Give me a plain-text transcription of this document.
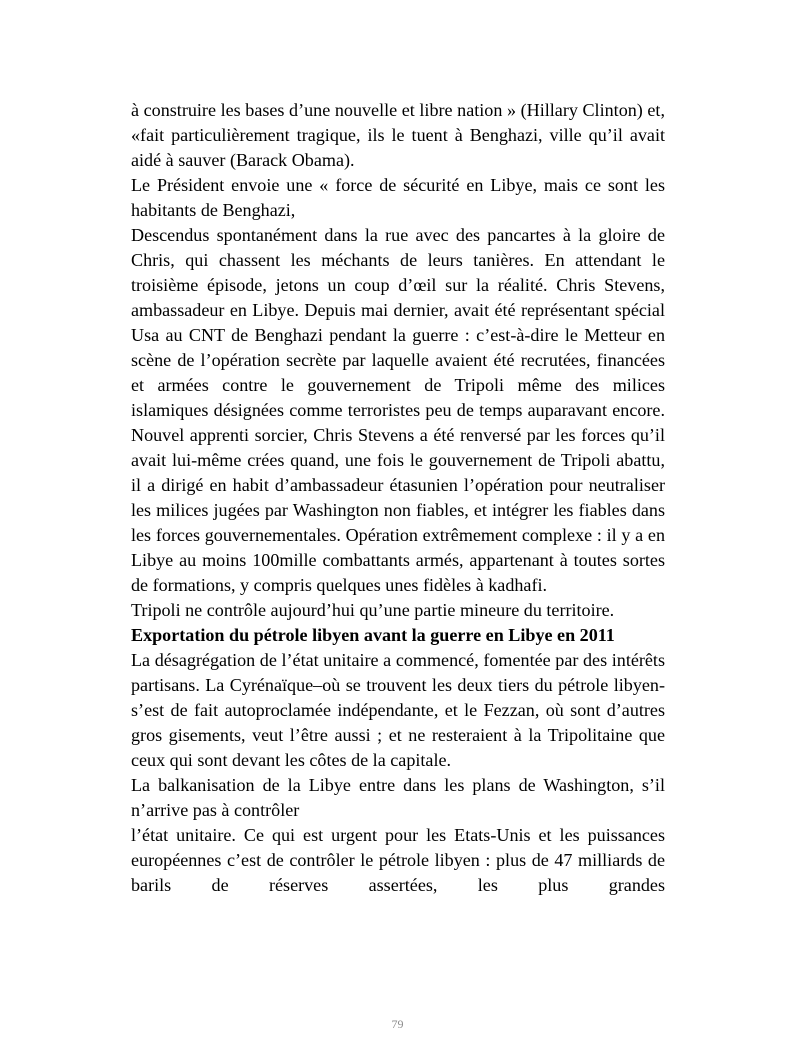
à construire les bases d’une nouvelle et libre nation » (Hillary Clinton) et, «fait particulièrement tragique, ils le tuent à Benghazi, ville qu’il avait aidé à sauver (Barack Obama).

Le Président envoie une « force de sécurité en Libye, mais ce sont les habitants de Benghazi,

Descendus spontanément dans la rue avec des pancartes à la gloire de Chris, qui chassent les méchants de leurs tanières. En attendant le troisième épisode, jetons un coup d’œil sur la réalité. Chris Stevens, ambassadeur en Libye. Depuis mai dernier, avait été représentant spécial Usa au CNT de Benghazi pendant la guerre : c’est-à-dire le Metteur en scène de l’opération secrète par laquelle avaient été recrutées, financées et armées contre le gouvernement de Tripoli même des milices islamiques désignées comme terroristes peu de temps auparavant encore. Nouvel apprenti sorcier, Chris Stevens a été renversé par les forces qu’il avait lui-même crées quand, une fois le gouvernement de Tripoli abattu, il a dirigé en habit d’ambassadeur étasunien l’opération pour neutraliser les milices jugées par Washington non fiables, et intégrer les fiables dans les forces gouvernementales. Opération extrêmement complexe : il y a en Libye au moins 100mille combattants armés, appartenant à toutes sortes de formations, y compris quelques unes fidèles à kadhafi.

Tripoli ne contrôle aujourd’hui qu’une partie mineure du territoire.

Exportation du pétrole libyen avant la guerre en Libye en 2011

La désagrégation de l’état unitaire a commencé, fomentée par des intérêts partisans. La Cyrénaïque–où se trouvent les deux tiers du pétrole libyen- s’est de fait autoproclamée indépendante, et le Fezzan, où sont d’autres gros gisements, veut l’être aussi ; et ne resteraient à la Tripolitaine que ceux qui sont devant les côtes de la capitale.

La balkanisation de la Libye entre dans les plans de Washington, s’il n’arrive pas à contrôler

l’état unitaire. Ce qui est urgent pour les Etats-Unis et les puissances européennes c’est de contrôler le pétrole libyen : plus de 47 milliards de barils de réserves assertées, les plus grandes

79
